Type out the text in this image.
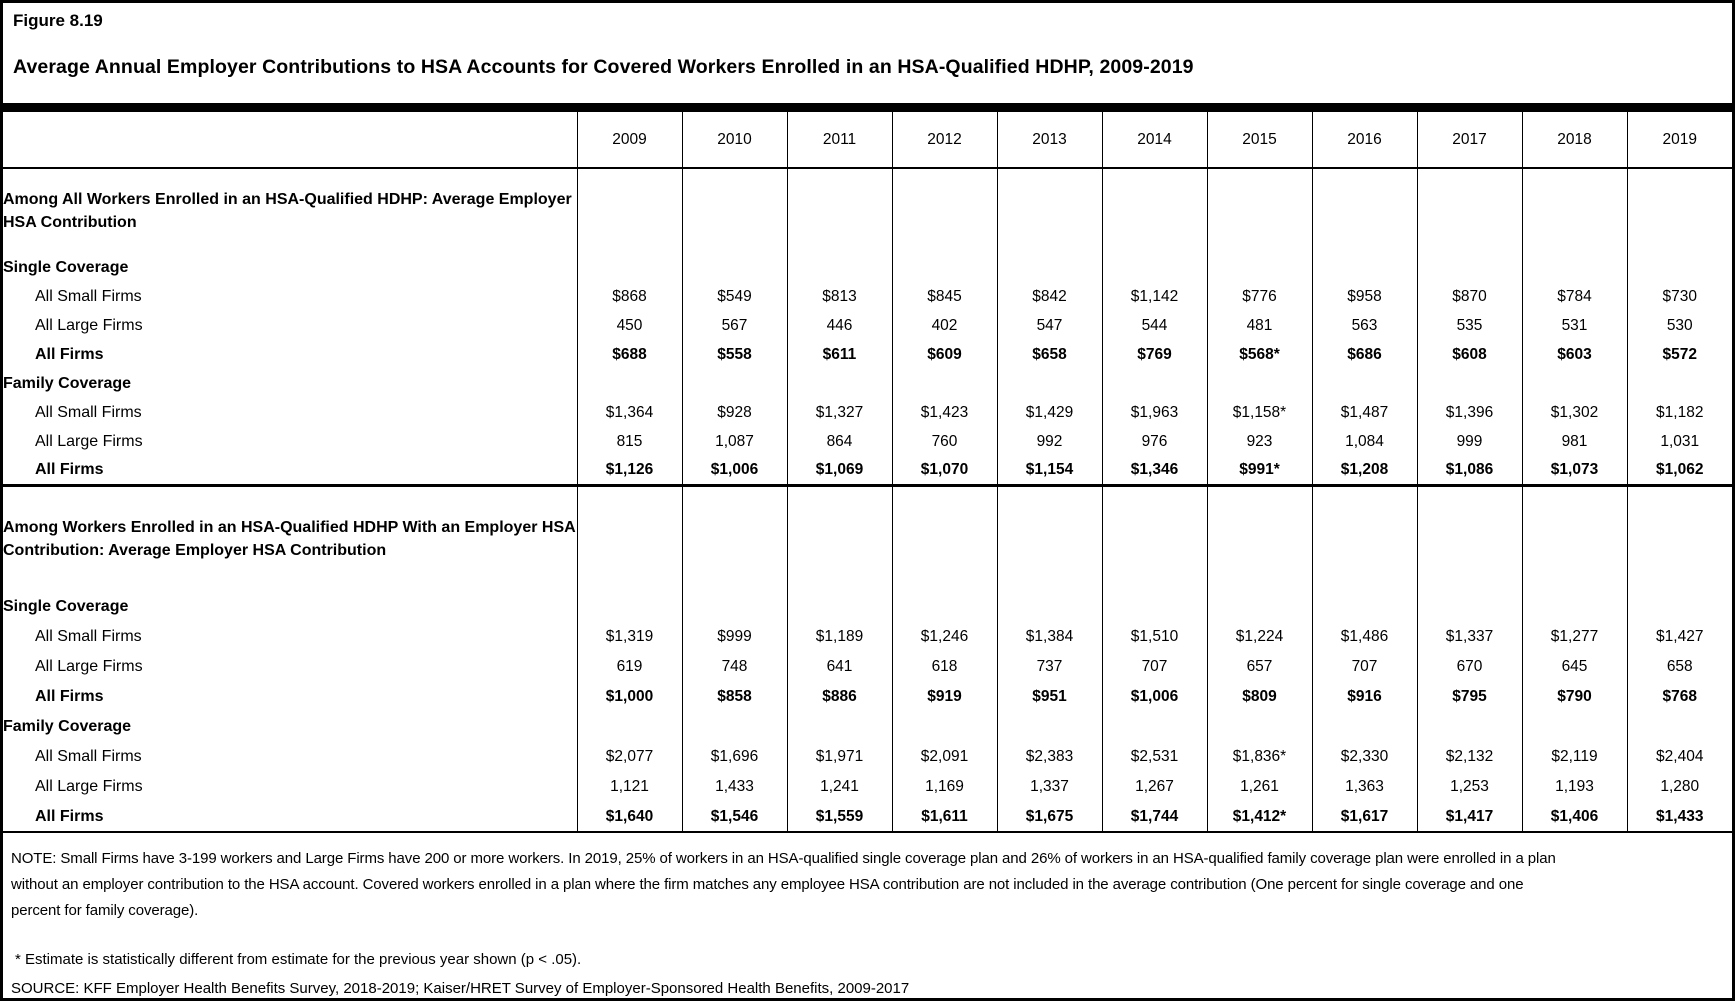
Figure 8.19
Average Annual Employer Contributions to HSA Accounts for Covered Workers Enrolled in an HSA-Qualified HDHP, 2009-2019
	2009	2010	2011	2012	2013	2014	2015	2016	2017	2018	2019
Among All Workers Enrolled in an HSA-Qualified HDHP: Average Employer HSA Contribution											
Single Coverage											
All Small Firms	$868	$549	$813	$845	$842	$1,142	$776	$958	$870	$784	$730
All Large Firms	450	567	446	402	547	544	481	563	535	531	530
All Firms	$688	$558	$611	$609	$658	$769	$568*	$686	$608	$603	$572
Family Coverage											
All Small Firms	$1,364	$928	$1,327	$1,423	$1,429	$1,963	$1,158*	$1,487	$1,396	$1,302	$1,182
All Large Firms	815	1,087	864	760	992	976	923	1,084	999	981	1,031
All Firms	$1,126	$1,006	$1,069	$1,070	$1,154	$1,346	$991*	$1,208	$1,086	$1,073	$1,062
Among Workers Enrolled in an HSA-Qualified HDHP With an Employer HSA Contribution: Average Employer HSA Contribution											
Single Coverage											
All Small Firms	$1,319	$999	$1,189	$1,246	$1,384	$1,510	$1,224	$1,486	$1,337	$1,277	$1,427
All Large Firms	619	748	641	618	737	707	657	707	670	645	658
All Firms	$1,000	$858	$886	$919	$951	$1,006	$809	$916	$795	$790	$768
Family Coverage											
All Small Firms	$2,077	$1,696	$1,971	$2,091	$2,383	$2,531	$1,836*	$2,330	$2,132	$2,119	$2,404
All Large Firms	1,121	1,433	1,241	1,169	1,337	1,267	1,261	1,363	1,253	1,193	1,280
All Firms	$1,640	$1,546	$1,559	$1,611	$1,675	$1,744	$1,412*	$1,617	$1,417	$1,406	$1,433

NOTE: Small Firms have 3-199 workers and Large Firms have 200 or more workers. In 2019, 25% of workers in an HSA-qualified single coverage plan and 26% of workers in an HSA-qualified family coverage plan were enrolled in a plan without an employer contribution to the HSA account. Covered workers enrolled in a plan where the firm matches any employee HSA contribution are not included in the average contribution (One percent for single coverage and one percent for family coverage).

* Estimate is statistically different from estimate for the previous year shown (p < .05).

SOURCE: KFF Employer Health Benefits Survey, 2018-2019; Kaiser/HRET Survey of Employer-Sponsored Health Benefits, 2009-2017
